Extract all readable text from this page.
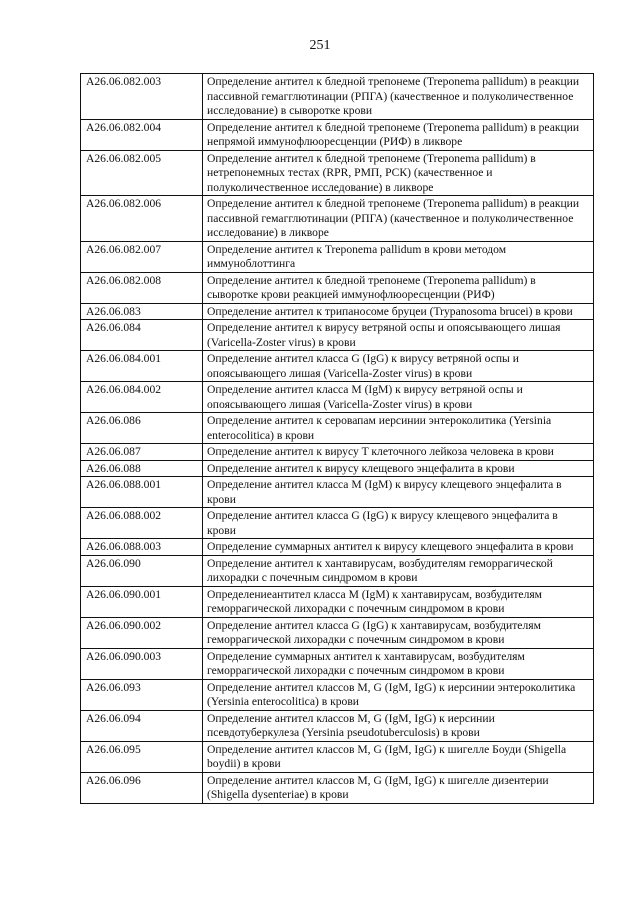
251
A26.06.082.003	Определение антител к бледной трепонеме (Treponema pallidum) в реакции пассивной гемагглютинации (РПГА) (качественное и полуколичественное исследование) в сыворотке крови
A26.06.082.004	Определение антител к бледной трепонеме (Treponema pallidum) в реакции непрямой иммунофлюоресценции (РИФ) в ликворе
A26.06.082.005	Определение антител к бледной трепонеме (Treponema pallidum) в нетрепонемных тестах (RPR, РМП, РСК) (качественное и полуколичественное исследование) в ликворе
A26.06.082.006	Определение антител к бледной трепонеме (Treponema pallidum) в реакции пассивной гемагглютинации (РПГА) (качественное и полуколичественное исследование) в ликворе
A26.06.082.007	Определение антител к Treponema pallidum в крови методом иммуноблоттинга
A26.06.082.008	Определение антител к бледной трепонеме (Treponema pallidum) в сыворотке крови реакцией иммунофлюоресценции (РИФ)
A26.06.083	Определение антител к трипаносоме бруцеи (Trypanosoma brucei) в крови
A26.06.084	Определение антител к вирусу ветряной оспы и опоясывающего лишая (Varicella-Zoster virus) в крови
A26.06.084.001	Определение антител класса G (IgG) к вирусу ветряной оспы и опоясывающего лишая (Varicella-Zoster virus) в крови
A26.06.084.002	Определение антител класса M (IgM) к вирусу ветряной оспы и опоясывающего лишая (Varicella-Zoster virus) в крови
A26.06.086	Определение антител к серовапам иерсинии энтероколитика (Yersinia enterocolitica) в крови
A26.06.087	Определение антител к вирусу T клеточного лейкоза человека в крови
A26.06.088	Определение антител к вирусу клещевого энцефалита в крови
A26.06.088.001	Определение антител класса M (IgM) к вирусу клещевого энцефалита в крови
A26.06.088.002	Определение антител класса G (IgG) к вирусу клещевого энцефалита в крови
A26.06.088.003	Определение суммарных антител к вирусу клещевого энцефалита в крови
A26.06.090	Определение антител к хантавирусам, возбудителям геморрагической лихорадки с почечным синдромом в крови
A26.06.090.001	Определениеантител класса M (IgM) к хантавирусам, возбудителям геморрагической лихорадки с почечным синдромом в крови
A26.06.090.002	Определение антител класса G (IgG) к хантавирусам, возбудителям геморрагической лихорадки с почечным синдромом в крови
A26.06.090.003	Определение суммарных антител к хантавирусам, возбудителям геморрагической лихорадки с почечным синдромом в крови
A26.06.093	Определение антител классов M, G (IgM, IgG) к иерсинии энтероколитика (Yersinia enterocolitica) в крови
A26.06.094	Определение антител классов M, G (IgM, IgG) к иерсинии псевдотуберкулеза (Yersinia pseudotuberculosis) в крови
A26.06.095	Определение антител классов M, G (IgM, IgG) к шигелле Боуди (Shigella boydii) в крови
A26.06.096	Определение антител классов M, G (IgM, IgG) к шигелле дизентерии (Shigella dysenteriae) в крови
